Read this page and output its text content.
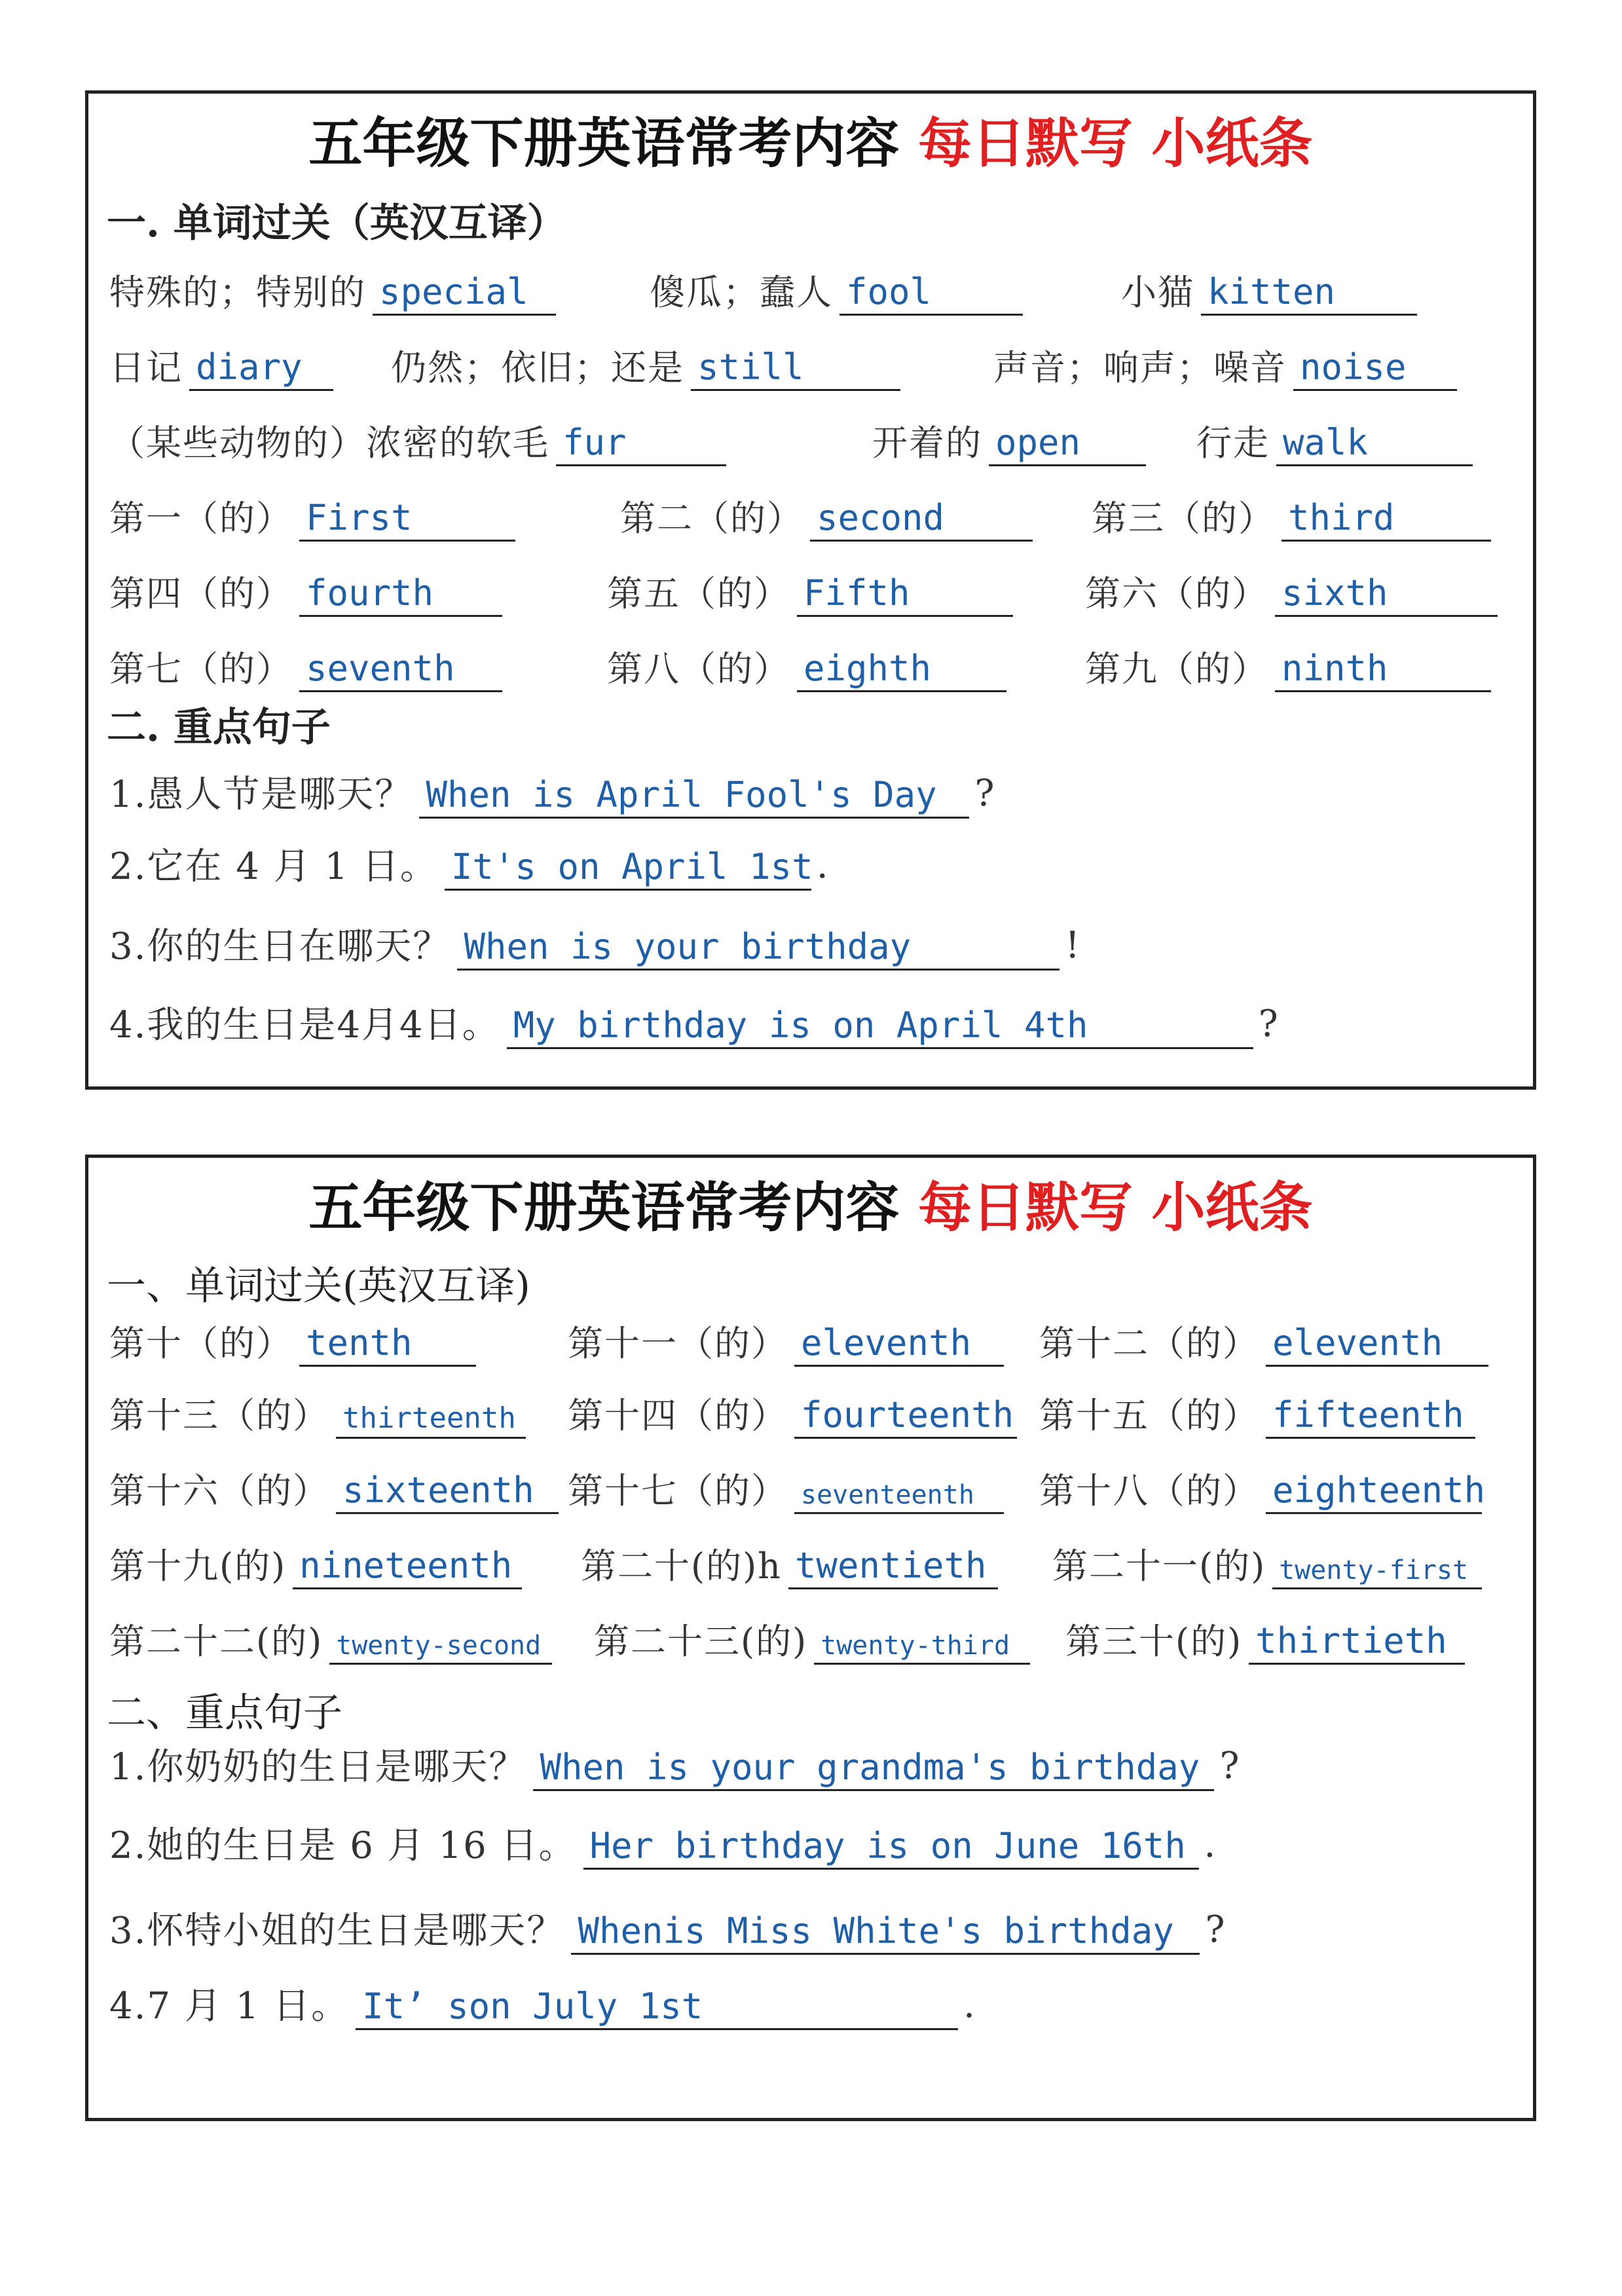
五年级下册英语常考内容 每日默写 小纸条
一. 单词过关（英汉互译）
特殊的；特别的 special	傻瓜；蠢人 fool	小猫 kitten
日记 diary	仍然；依旧；还是 still	声音；响声；噪音 noise
（某些动物的）浓密的软毛 fur	开着的 open	行走 walk
第一（的） First	第二（的） second	第三（的） third
第四（的） fourth	第五（的） Fifth	第六（的） sixth
第七（的） seventh	第八（的） eighth	第九（的） ninth
二. 重点句子
1.愚人节是哪天？ When is April Fool's Day ?
2.它在 4 月 1 日。 It's on April 1st .
3.你的生日在哪天？ When is your birthday	!
4.我的生日是4月4日。 My birthday is on April 4th	?
五年级下册英语常考内容 每日默写 小纸条
一、单词过关(英汉互译)
第十（的） tenth	第十一（的） eleventh 第十二（的） eleventh
第十三（的） thirteenth 第十四（的） fourteenth 第十五（的） fifteenth
第十六（的） sixteenth 第十七（的） seventeenth 第十八（的） eighteenth
第十九(的) nineteenth 第二十(的)h twentieth 第二十一(的) twenty-first
第二十二(的) twenty-second 第二十三(的) twenty-third 第三十(的) thirtieth
二、重点句子
1.你奶奶的生日是哪天？ When is your grandma's birthday ?
2.她的生日是 6 月 16 日。 Her birthday is on June 16th .
3.怀特小姐的生日是哪天？ Whenis Miss White's birthday ?
4.7 月 1 日。 It’ son July 1st	.
